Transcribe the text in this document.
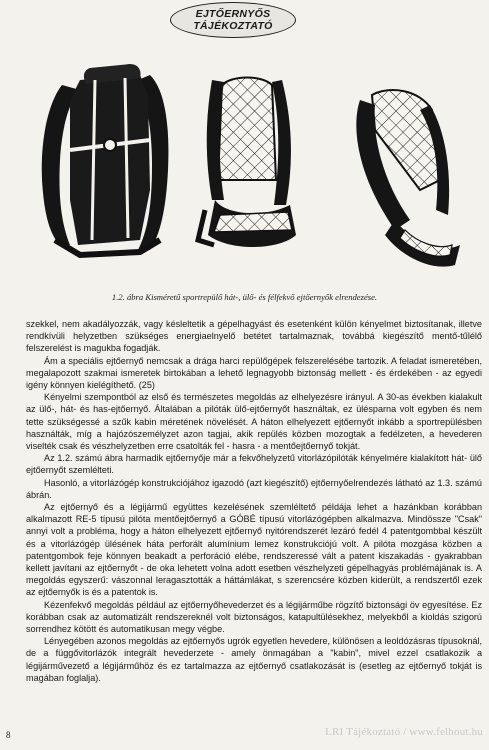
EJTŐERNYŐS
TÁJÉKOZTATÓ
1.2. ábra Kisméretű sportrepülő hát-, ülő- és félfekvő ejtőernyők elrendezése.

szekkel, nem akadályozzák, vagy késleltetik a gépelhagyást és esetenként külön kényelmet biztosítanak, illetve rendkívüli helyzetben szükséges energiaelnyelő betétet tartalmaznak, továbbá kiegészítő mentő-tűlélő felszerelést is magukba fogadják.

Ám a speciális ejtőernyő nemcsak a drága harci repülőgépek felszerelésébe tartozik. A feladat ismeretében, megalapozott szakmai ismeretek birtokában a lehető legnagyobb biztonság mellett - és érdekében - az egyedi igény könnyen kielégíthető. (25)

Kényelmi szempontból az első és természetes megoldás az elhelyezésre irányul. A 30-as években kialakult az ülő-, hát- és has-ejtőernyő. Általában a pilóták ülő-ejtőernyőt használtak, ez ülésparna volt egyben és nem tette szükségessé a szűk kabin méretének növelését. A háton elhelyezett ejtőernyőt inkább a sportrepülésben használták, míg a hajózószemélyzet azon tagjai, akik repülés közben mozogtak a fedélzeten, a hevederen viselték csak és vészhelyzetben erre csatolták fel - hasra - a mentőejtőernyő tokját.

Az 1.2. számú ábra harmadik ejtőernyője már a fekvőhelyzetű vitorlázópilóták kényelmére kialakított hát- ülő ejtőernyőt szemlélteti.

Hasonló, a vitorlázógép konstrukciójához igazodó (azt kiegészítő) ejtőernyőelrendezés látható az 1.3. számú ábrán.

Az ejtőernyő és a légijármű együttes kezelésének szemléltető példája lehet a hazánkban korábban alkalmazott RE-5 típusú pilóta mentőejtőernyő a GÓBÉ típusú vitorlázógépben alkalmazva. Mindössze "Csak" annyi volt a probléma, hogy a háton elhelyezett ejtőernyő nyitórendszerét lezáró fedél 4 patentgombbal készült és a vitorlázógép ülésének háta perforált alumínium lemez konstrukciójú volt. A pilóta mozgása közben a patentgombok feje könnyen beakadt a perforáció elébe, rendszeressé vált a patent kiszakadás - gyakrabban kellett javítani az ejtőernyőt - de oka lehetett volna adott esetben vészhelyzeti gépelhagyás problémájának is. A megoldás egyszerű: vászonnal leragasztották a háttámlákat, s szerencsére közben kiderült, a rendszertől ezek az ejtőernyők is és a patentok is.

Kézenfekvő megoldás például az ejtőernyőhevederzet és a légijárműbe rögzítő biztonsági öv egyesítése. Ez korábban csak az automatizált rendszereknél volt biztonságos, katapultülésekhez, melyekből a kioldás szigorú sorrendhez kötött és automatikusan megy végbe.

Lényegében azonos megoldás az ejtőernyős ugrók egyetlen hevedere, különösen a leoldózásras típusoknál, de a függővitorlázók integrált hevederzete - amely önmagában a "kabin", mivel ezzel csatlakozik a légijárművezető a légijárműhöz és ez tartalmazza az ejtőernyő csatlakozását is (esetleg az ejtőernyő tokját is magában foglalja).

8	LRI Tájékoztató / www.felhout.hu
